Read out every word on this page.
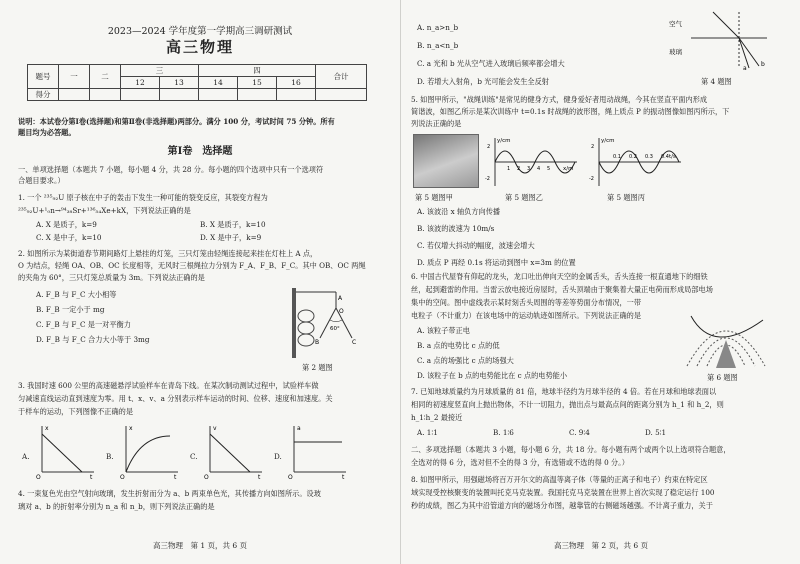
2023—2024 学年度第一学期高三调研测试
高三物理
题号	一	二	三		四			合计
			12	13	14	15	16	
得分								
说明：本试卷分第Ⅰ卷(选择题)和第Ⅱ卷(非选择题)两部分。满分 100 分，考试时间 75 分钟。所有
题目均为必答题。
第Ⅰ卷　选择题
一、单项选择题（本题共 7 小题，每小题 4 分，共 28 分。每小题的四个选项中只有一个选项符
合题目要求。）
1. 一个 ²³⁵₉₂U 原子核在中子的轰击下发生一种可能的裂变反应，其裂变方程为
²³⁵₉₂U+¹₀n→⁹⁴₃₈Sr+¹³⁶₅₄Xe+kX，下列说法正确的是
A. X 是质子，k=9	B. X 是质子，k=10
C. X 是中子，k=10	D. X 是中子，k=9
2. 如图所示为某街道春节期间路灯上悬挂的灯笼，三只灯笼由轻绳连接起来挂在灯柱上 A 点，
O 为结点，轻绳 OA、OB、OC 长度相等，无风时三根绳拉力分别为 F_A、F_B、F_C。其中 OB、OC 两绳
的夹角为 60°，三只灯笼总质量为 3m。下列说法正确的是
A. F_B 与 F_C 大小相等
B. F_B 一定小于 mg
C. F_B 与 F_C 是一对平衡力
D. F_B 与 F_C 合力大小等于 3mg
A
B	C
O
60°
第 2 题图
3. 我国时速 600 公里的高速磁悬浮试验样车在青岛下线。在某次制动测试过程中，试验样车做
匀减速直线运动直到速度为零。用 t、x、v、a 分别表示样车运动的时间、位移、速度和加速度。关
于样车的运动，下列图像不正确的是
A.
x
t
O
B.
x
t
O
C.
v
t
O
D.
a
t
O
4. 一束复色光由空气射向玻璃，发生折射而分为 a、b 两束单色光，其传播方向如图所示。设玻
璃对 a、b 的折射率分别为 n_a 和 n_b，则下列说法正确的是
高三物理　第 1 页，共 6 页
A. n_a>n_b
B. n_a<n_b
C. a 光和 b 光从空气进入玻璃后频率都会增大
D. 若增大入射角，b 光可能会发生全反射
空气
玻璃
a
b
第 4 题图
5. 如图甲所示，"战绳训练"是常见的健身方式，健身爱好者甩动战绳，今其在竖直平面内形成
简谐波，如图乙所示是某次训练中 t=0.1s 时战绳的波形图，绳上质点 P 的振动图像如图丙所示，下
列说法正确的是
y/cm
x/m
2
-2
1 2 3 4 5
y/cm
t/s
2
-2
0.1 0.2 0.3 0.4
第 5 题图甲	第 5 题图乙	第 5 题图丙
A. 该波沿 x 轴负方向传播
B. 该波的波速为 10m/s
C. 若仅增大抖动的幅度，波速会增大
D. 质点 P 再经 0.1s 将运动到图中 x=3m 的位置
6. 中国古代屋脊有仰起的龙头，龙口吐出伸向天空的金属舌头，舌头连接一根直通地下的细铁
丝，起到避雷的作用。当雷云放电接近房屋时，舌头顶端由于聚集着大量正电荷而形成局部电场
集中的空间。图中虚线表示某时刻舌头周围的等差等势面分布情况，一带
电粒子（不计重力）在该电场中的运动轨迹如图所示。下列说法正确的是
第 6 题图
A. 该粒子带正电
B. a 点的电势比 c 点的低
C. a 点的场强比 c 点的场强大
D. 该粒子在 b 点的电势能比在 c 点的电势能小
7. 已知地球质量约为月球质量的 81 倍，地球半径约为月球半径的 4 倍。若在月球和地球表面以
相同的初速度竖直向上抛出物体，不计一切阻力，抛出点与最高点间的距离分别为 h_1 和 h_2，则
h_1∶h_2 最接近
A. 1∶1	B. 1∶6	C. 9∶4	D. 5∶1
二、多项选择题（本题共 3 小题，每小题 6 分，共 18 分。每小题有两个或两个以上选项符合题意，
全选对的得 6 分，选对但不全的得 3 分，有选错或不选的得 0 分。）
8. 如图甲所示，用强磁场将百万开尔文的高温等离子体（等量的正离子和电子）约束在特定区
域实现受控核聚变的装置叫托克马克装置。我国托克马克装置在世界上首次实现了稳定运行 100
秒的成绩，图乙为其中沿管道方向的磁场分布图，越靠管的右侧磁场越强。不计离子重力，关于
高三物理　第 2 页，共 6 页
